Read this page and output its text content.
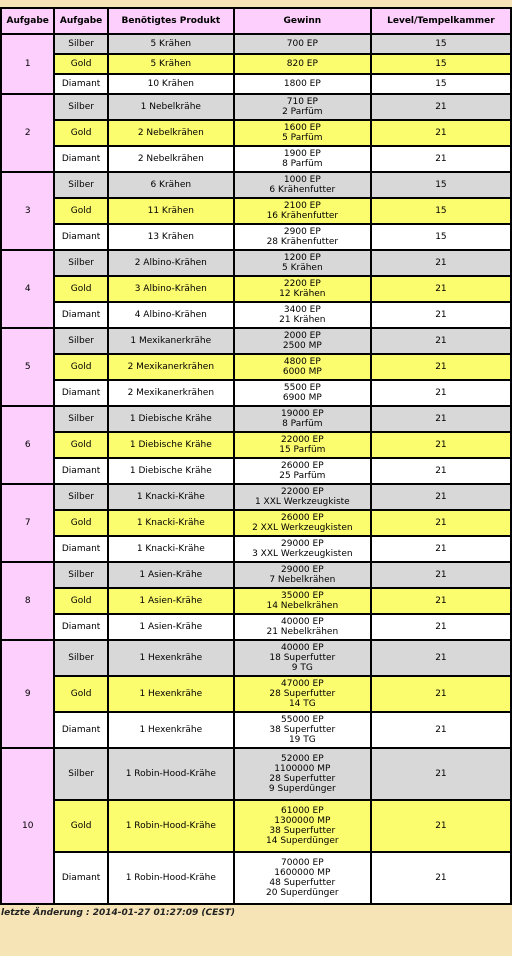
Aufgabe	Aufgabe	Benötigtes Produkt	Gewinn	Level/Tempelkammer
1	Silber	5 Krähen	700 EP	15
	Gold	5 Krähen	820 EP	15
	Diamant	10 Krähen	1800 EP	15
2	Silber	1 Nebelkrähe	710 EP
2 Parfüm	21
	Gold	2 Nebelkrähen	1600 EP
5 Parfüm	21
	Diamant	2 Nebelkrähen	1900 EP
8 Parfüm	21
3	Silber	6 Krähen	1000 EP
6 Krähenfutter	15
	Gold	11 Krähen	2100 EP
16 Krähenfutter	15
	Diamant	13 Krähen	2900 EP
28 Krähenfutter	15
4	Silber	2 Albino-Krähen	1200 EP
5 Krähen	21
	Gold	3 Albino-Krähen	2200 EP
12 Krähen	21
	Diamant	4 Albino-Krähen	3400 EP
21 Krähen	21
5	Silber	1 Mexikanerkrähe	2000 EP
2500 MP	21
	Gold	2 Mexikanerkrähen	4800 EP
6000 MP	21
	Diamant	2 Mexikanerkrähen	5500 EP
6900 MP	21
6	Silber	1 Diebische Krähe	19000 EP
8 Parfüm	21
	Gold	1 Diebische Krähe	22000 EP
15 Parfüm	21
	Diamant	1 Diebische Krähe	26000 EP
25 Parfüm	21
7	Silber	1 Knacki-Krähe	22000 EP
1 XXL Werkzeugkiste	21
	Gold	1 Knacki-Krähe	26000 EP
2 XXL Werkzeugkisten	21
	Diamant	1 Knacki-Krähe	29000 EP
3 XXL Werkzeugkisten	21
8	Silber	1 Asien-Krähe	29000 EP
7 Nebelkrähen	21
	Gold	1 Asien-Krähe	35000 EP
14 Nebelkrähen	21
	Diamant	1 Asien-Krähe	40000 EP
21 Nebelkrähen	21
9	Silber	1 Hexenkrähe	40000 EP
18 Superfutter
9 TG	21
	Gold	1 Hexenkrähe	47000 EP
28 Superfutter
14 TG	21
	Diamant	1 Hexenkrähe	55000 EP
38 Superfutter
19 TG	21
10	Silber	1 Robin-Hood-Krähe	52000 EP
1100000 MP
28 Superfutter
9 Superdünger	21
	Gold	1 Robin-Hood-Krähe	61000 EP
1300000 MP
38 Superfutter
14 Superdünger	21
	Diamant	1 Robin-Hood-Krähe	70000 EP
1600000 MP
48 Superfutter
20 Superdünger	21
letzte Änderung : 2014-01-27 01:27:09 (CEST)
